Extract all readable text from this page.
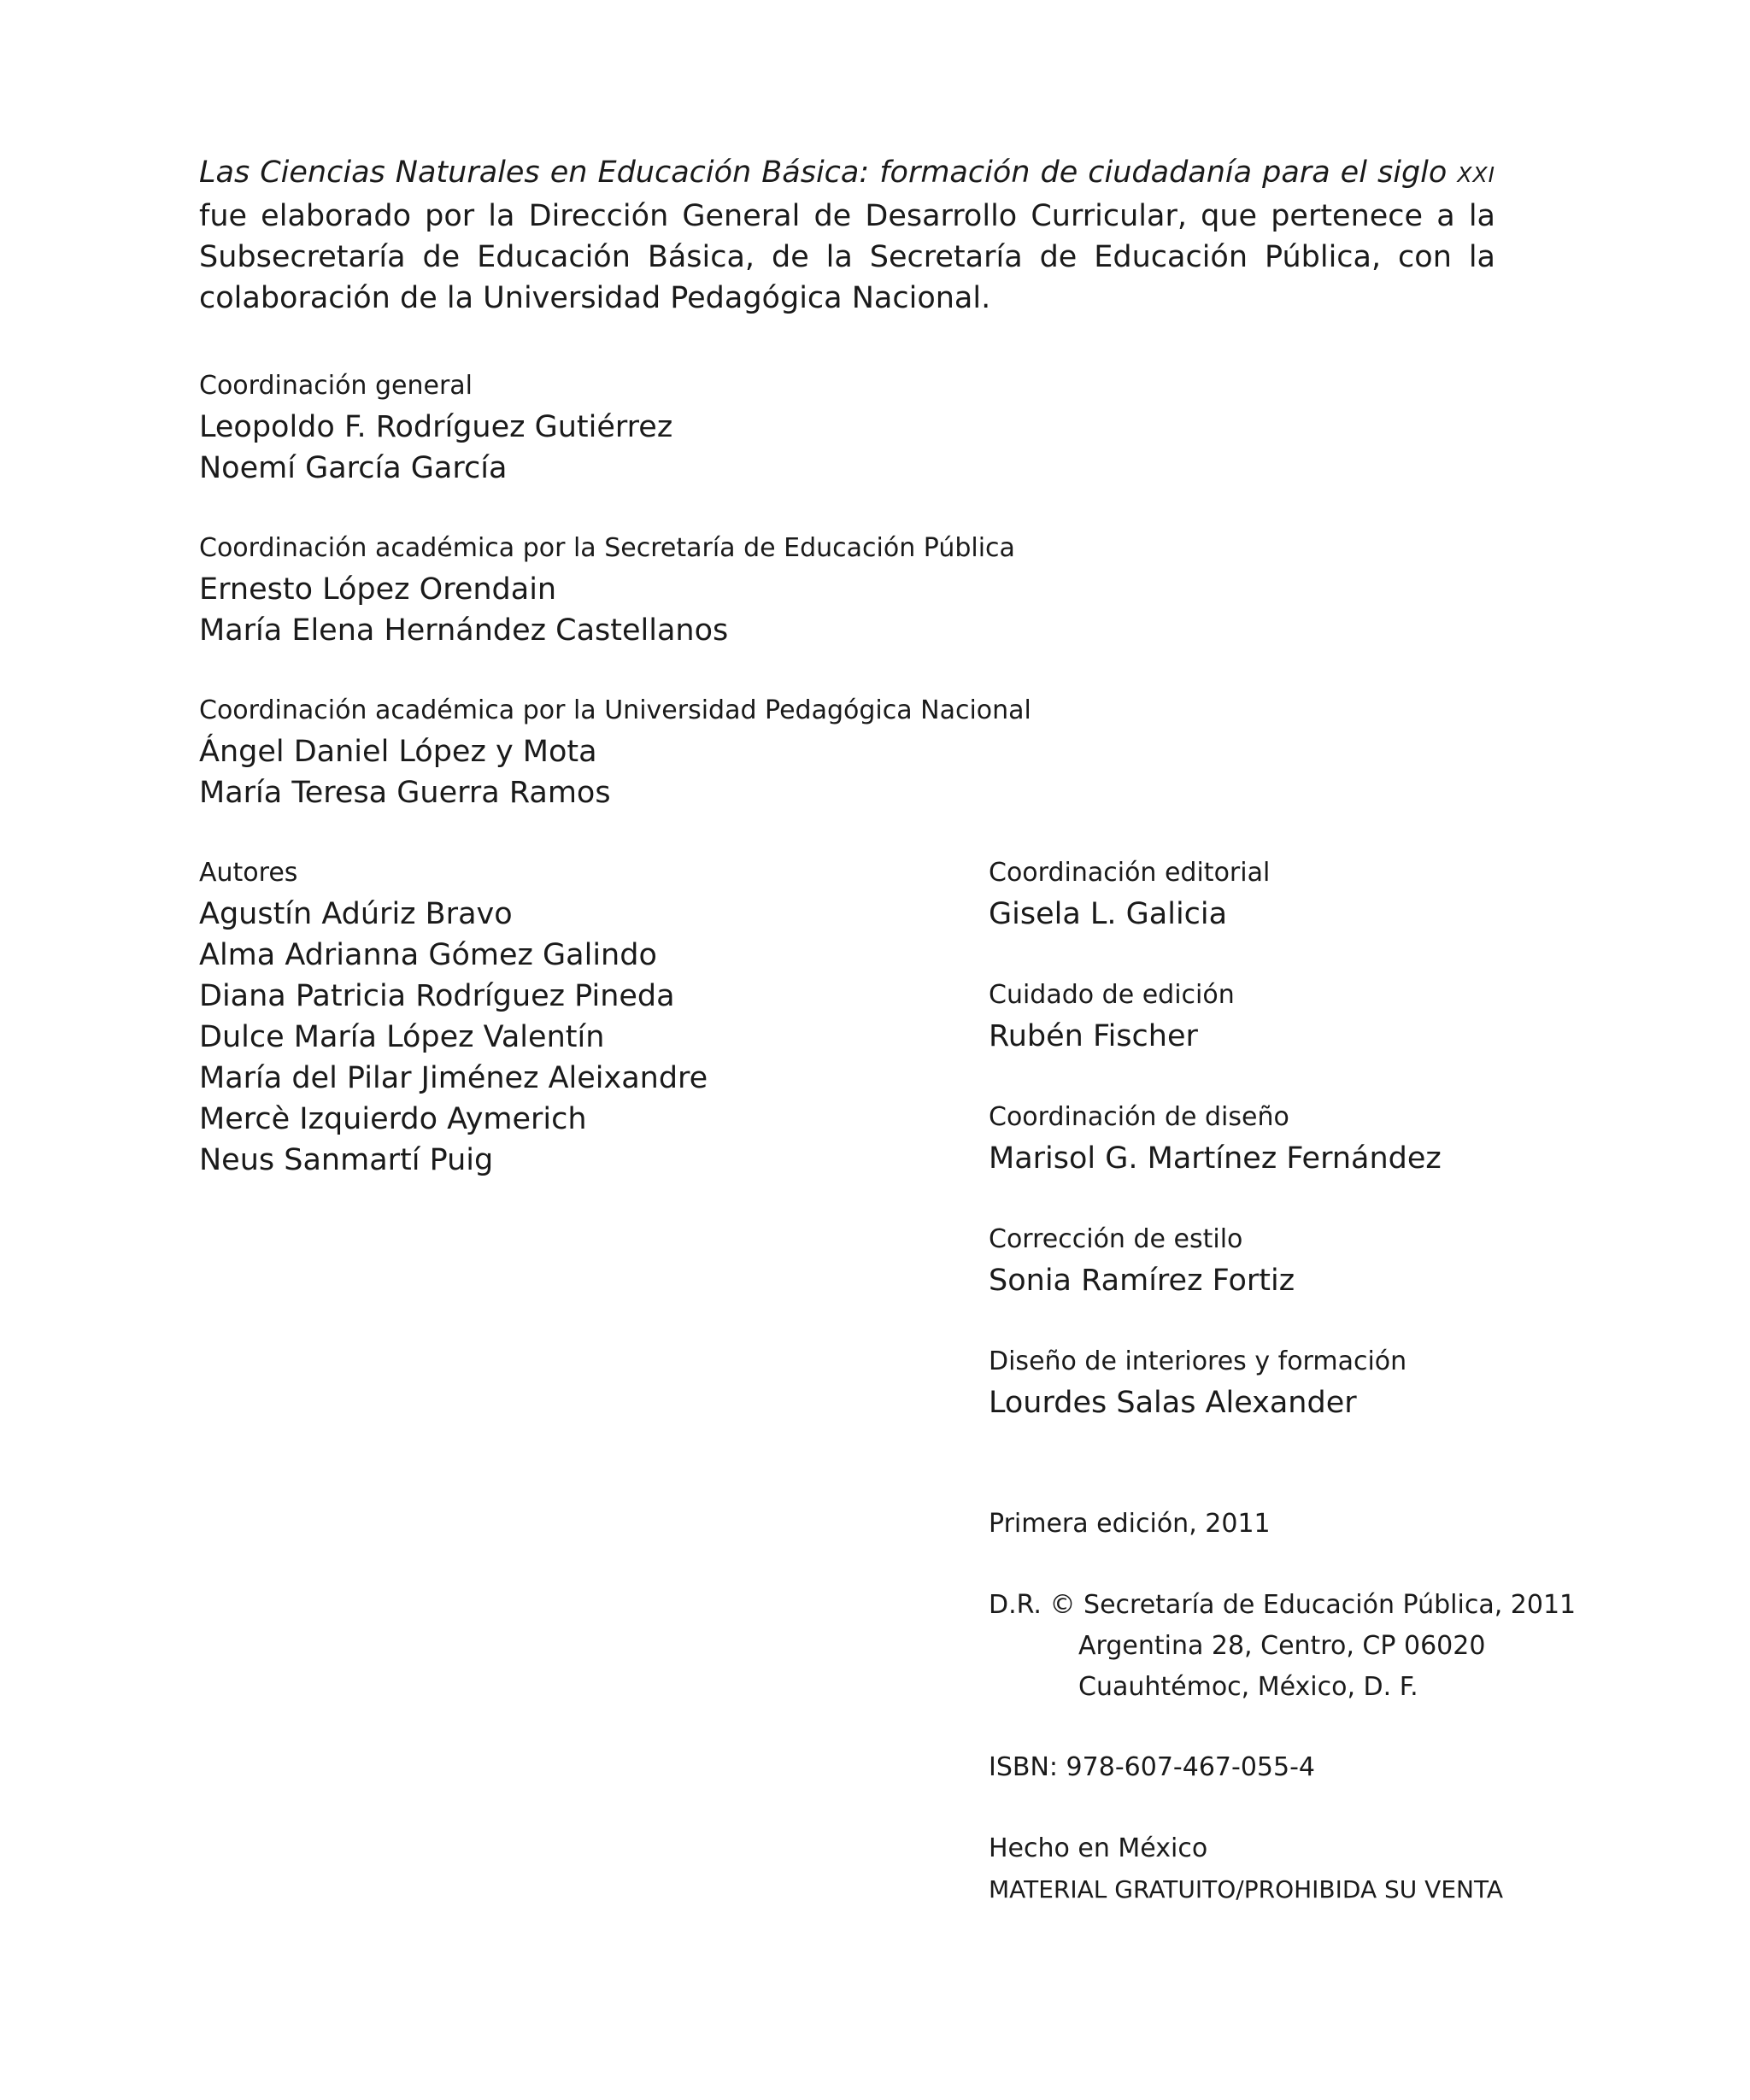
Las Ciencias Naturales en Educación Básica: formación de ciudadanía para el siglo XXI fue elaborado por la Dirección General de Desarrollo Curricular, que pertenece a la Subsecretaría de Educación Básica, de la Secretaría de Educación Pública, con la colaboración de la Universidad Pedagógica Nacional.

Coordinación general
Leopoldo F. Rodríguez Gutiérrez
Noemí García García
Coordinación académica por la Secretaría de Educación Pública
Ernesto López Orendain
María Elena Hernández Castellanos
Coordinación académica por la Universidad Pedagógica Nacional
Ángel Daniel López y Mota
María Teresa Guerra Ramos
Autores
Agustín Adúriz Bravo
Alma Adrianna Gómez Galindo
Diana Patricia Rodríguez Pineda
Dulce María López Valentín
María del Pilar Jiménez Aleixandre
Mercè Izquierdo Aymerich
Neus Sanmartí Puig
Coordinación editorial
Gisela L. Galicia
Cuidado de edición
Rubén Fischer
Coordinación de diseño
Marisol G. Martínez Fernández
Corrección de estilo
Sonia Ramírez Fortiz
Diseño de interiores y formación
Lourdes Salas Alexander
Primera edición, 2011
D.R. © Secretaría de Educación Pública, 2011
Argentina 28, Centro, CP 06020
Cuauhtémoc, México, D. F.
ISBN: 978-607-467-055-4
Hecho en México
MATERIAL GRATUITO/PROHIBIDA SU VENTA
